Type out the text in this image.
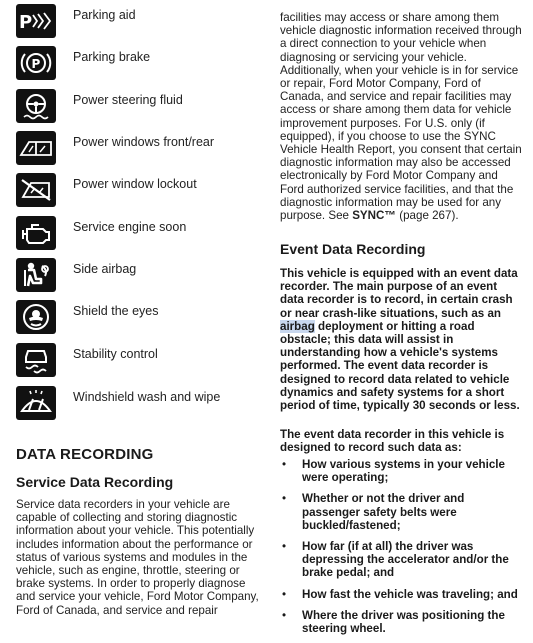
P	Parking aid
P	Parking brake
Power steering fluid
Power windows front/rear
Power window lockout
Service engine soon
Side airbag
Shield the eyes
Stability control
Windshield wash and wipe
DATA RECORDING
Service Data Recording

Service data recorders in your vehicle are capable of collecting and storing diagnostic information about your vehicle. This potentially includes information about the performance or status of various systems and modules in the vehicle, such as engine, throttle, steering or brake systems. In order to properly diagnose and service your vehicle, Ford Motor Company, Ford of Canada, and service and repair

facilities may access or share among them vehicle diagnostic information received through a direct connection to your vehicle when diagnosing or servicing your vehicle. Additionally, when your vehicle is in for service or repair, Ford Motor Company, Ford of Canada, and service and repair facilities may access or share among them data for vehicle improvement purposes. For U.S. only (if equipped), if you choose to use the SYNC Vehicle Health Report, you consent that certain diagnostic information may also be accessed electronically by Ford Motor Company and Ford authorized service facilities, and that the diagnostic information may be used for any purpose. See SYNC™ (page 267).

Event Data Recording

This vehicle is equipped with an event data recorder. The main purpose of an event data recorder is to record, in certain crash or near crash-like situations, such as an airbag deployment or hitting a road obstacle; this data will assist in understanding how a vehicle's systems performed. The event data recorder is designed to record data related to vehicle dynamics and safety systems for a short period of time, typically 30 seconds or less.

The event data recorder in this vehicle is designed to record such data as:

• How various systems in your vehicle were operating;
• Whether or not the driver and passenger safety belts were buckled/fastened;
• How far (if at all) the driver was depressing the accelerator and/or the brake pedal; and
• How fast the vehicle was traveling; and
• Where the driver was positioning the steering wheel.
